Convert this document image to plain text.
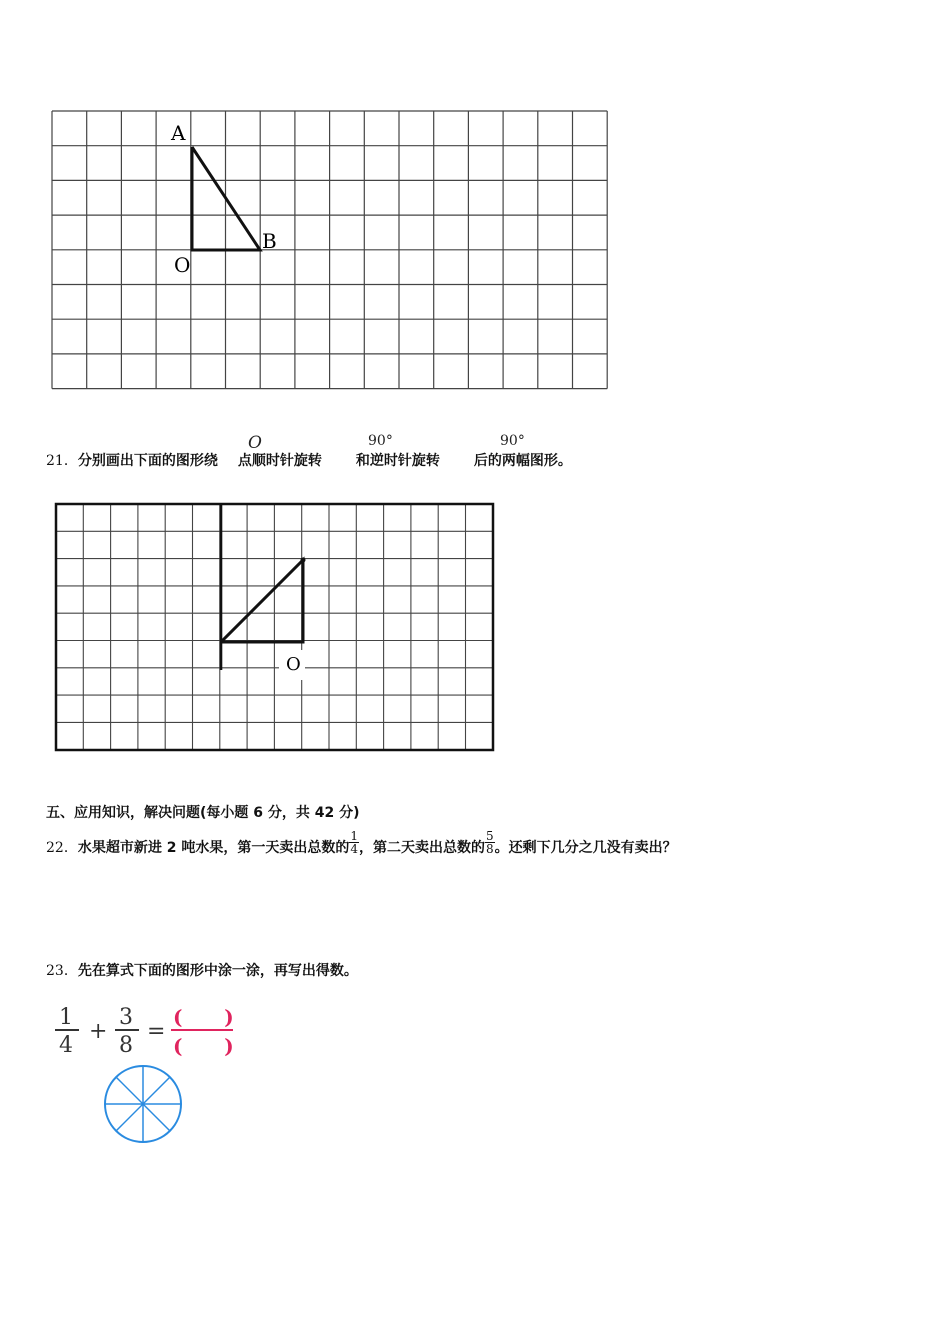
A
O
B
21．分别画出下面的图形绕 点顺时针旋转 和逆时针旋转 后的两幅图形。
O	90°	90°
O
五、应用知识，解决问题(每小题 6 分，共 42 分)
22．水果超市新进 2 吨水果，第一天卖出总数的 $\frac{1}{4}$ ，第二天卖出总数的 $\frac{5}{8}$ 。还剩下几分之几没有卖出？
23．先在算式下面的图形中涂一涂，再写出得数。
1
4
+
3
8
=
(      )
(      )
